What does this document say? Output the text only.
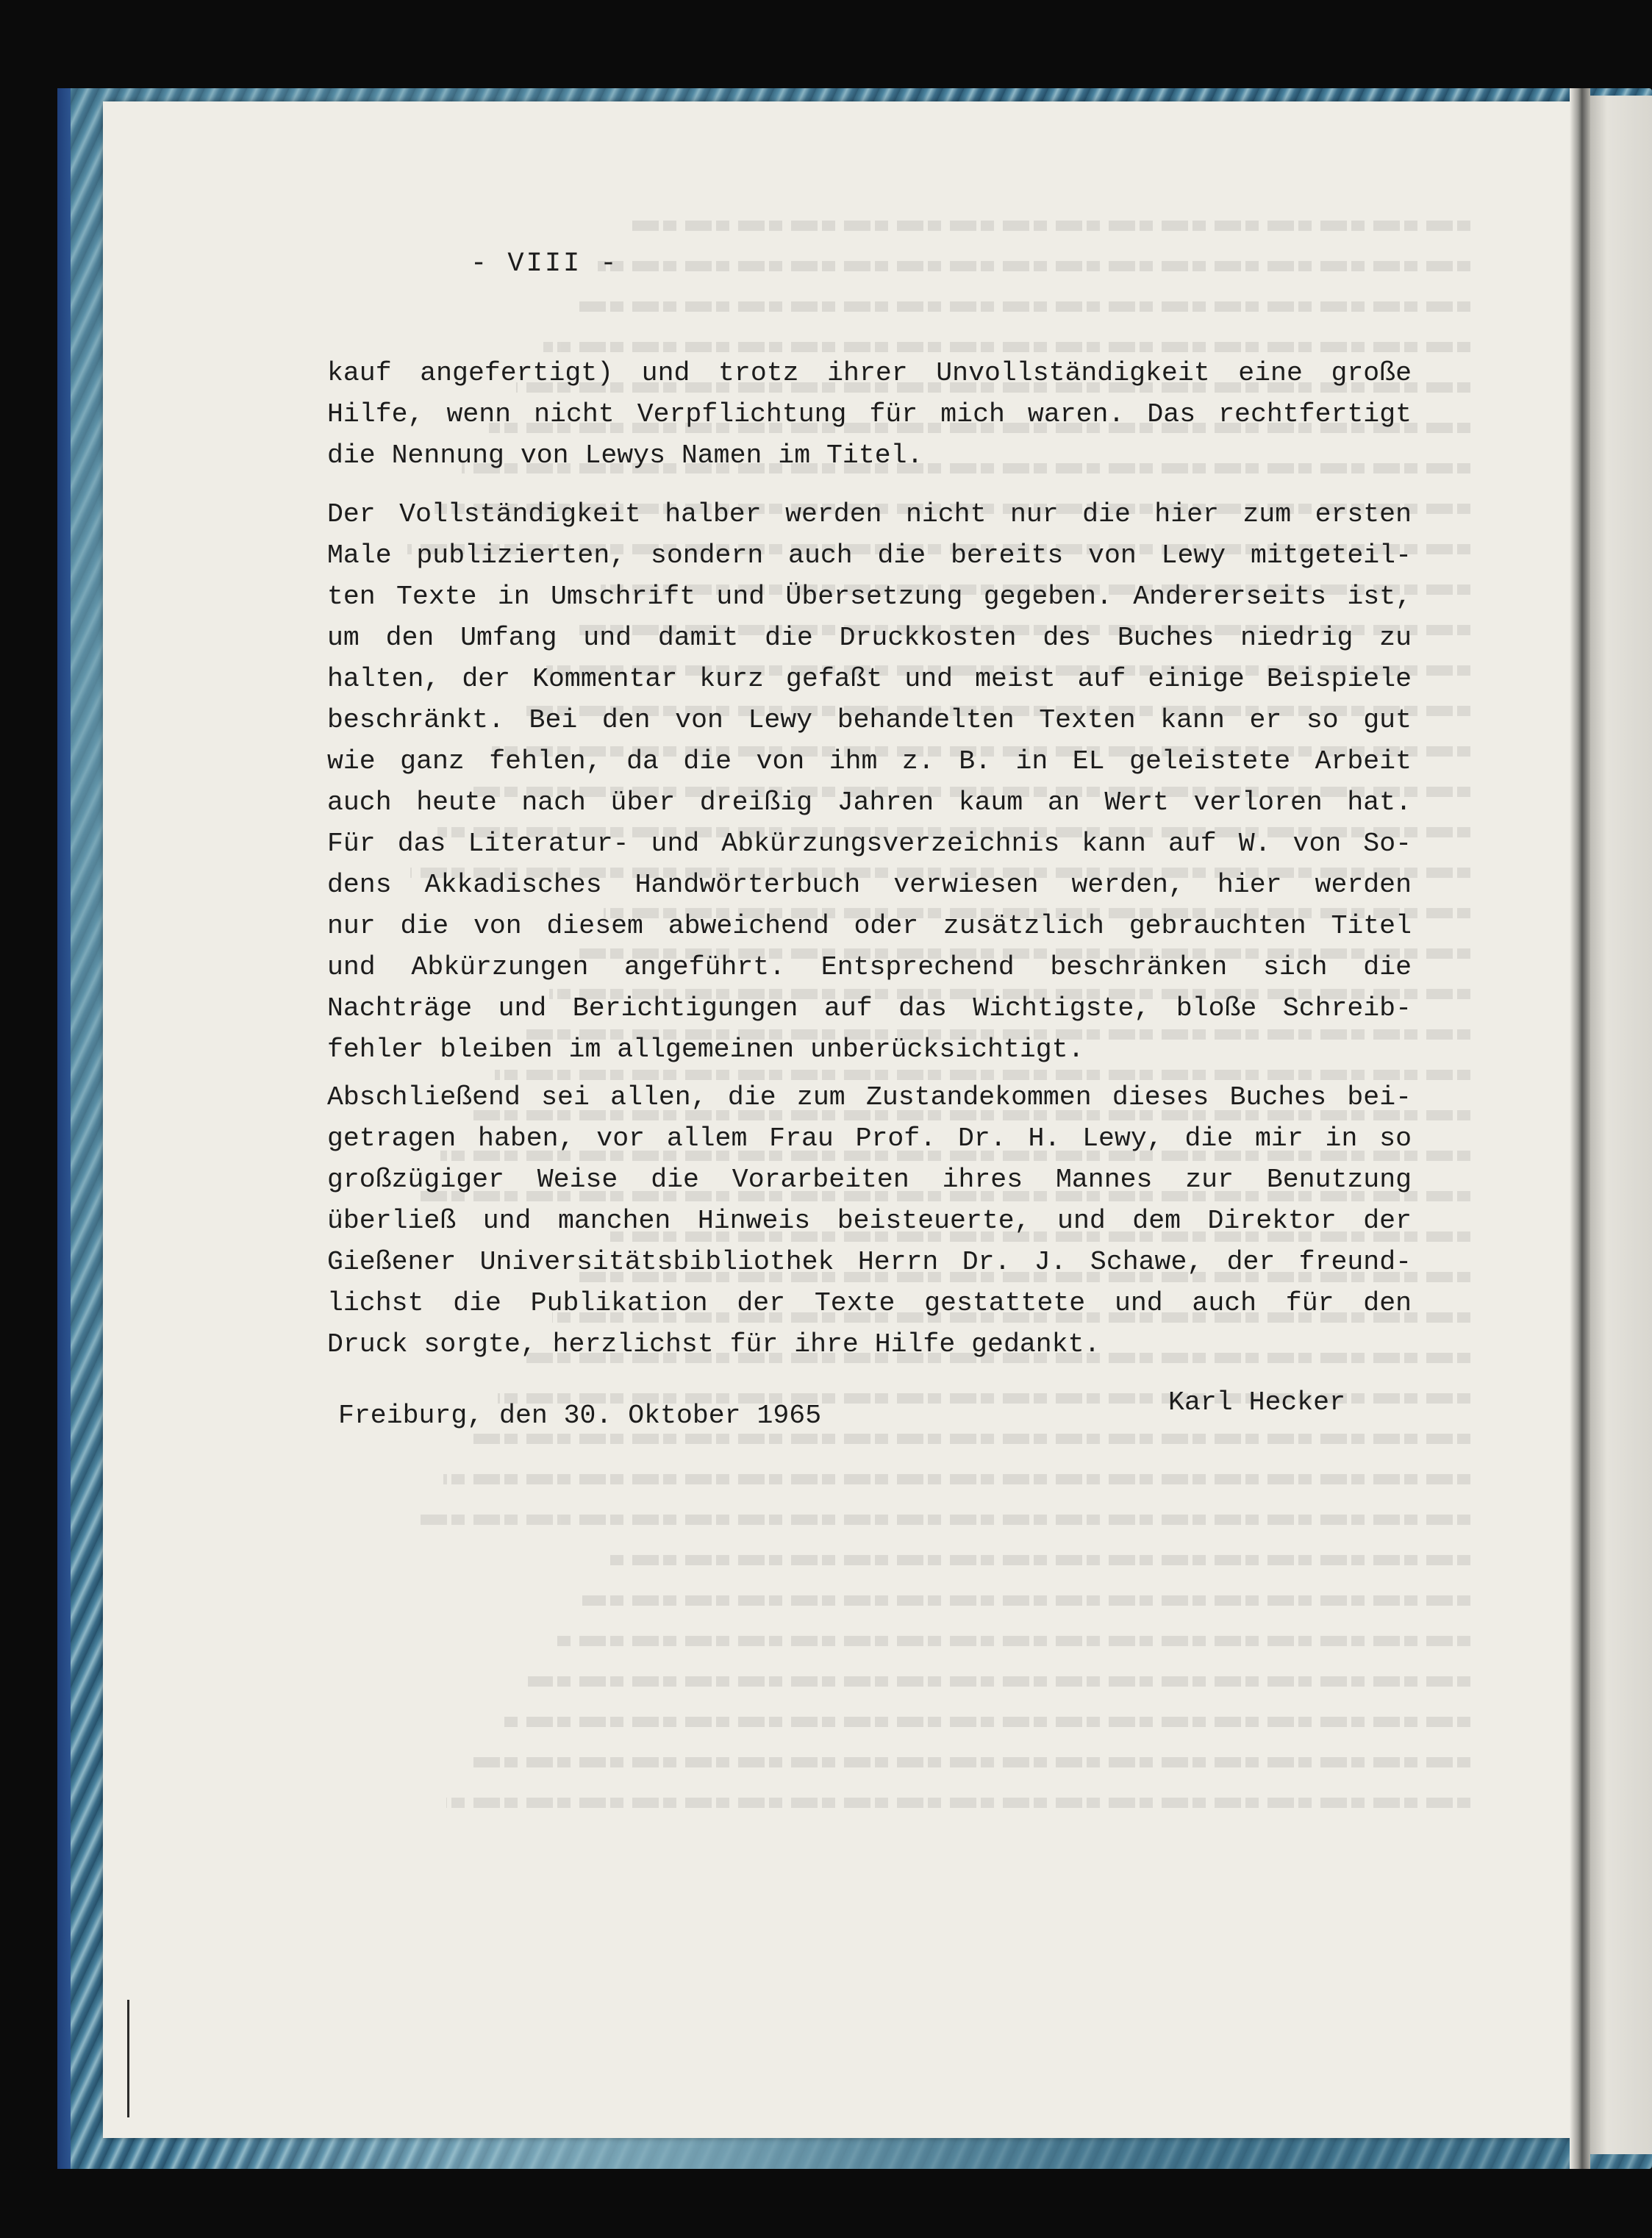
- VIII -
kauf angefertigt) und trotz ihrer Unvollständigkeit eine große
Hilfe, wenn nicht Verpflichtung für mich waren. Das rechtfertigt
die Nennung von Lewys Namen im Titel.
Der Vollständigkeit halber werden nicht nur die hier zum ersten
Male publizierten, sondern auch die bereits von Lewy mitgeteil-
ten Texte in Umschrift und Übersetzung gegeben. Andererseits ist,
um den Umfang und damit die Druckkosten des Buches niedrig zu
halten, der Kommentar kurz gefaßt und meist auf einige Beispiele
beschränkt. Bei den von Lewy behandelten Texten kann er so gut
wie ganz fehlen, da die von ihm z. B. in EL geleistete Arbeit
auch heute nach über dreißig Jahren kaum an Wert verloren hat.
Für das Literatur- und Abkürzungsverzeichnis kann auf W. von So-
dens Akkadisches Handwörterbuch verwiesen werden, hier werden
nur die von diesem abweichend oder zusätzlich gebrauchten Titel
und Abkürzungen angeführt. Entsprechend beschränken sich die
Nachträge und Berichtigungen auf das Wichtigste, bloße Schreib-
fehler bleiben im allgemeinen unberücksichtigt.
Abschließend sei allen, die zum Zustandekommen dieses Buches bei-
getragen haben, vor allem Frau Prof. Dr. H. Lewy, die mir in so
großzügiger Weise die Vorarbeiten ihres Mannes zur Benutzung
überließ und manchen Hinweis beisteuerte, und dem Direktor der
Gießener Universitätsbibliothek Herrn Dr. J. Schawe, der freund-
lichst die Publikation der Texte gestattete und auch für den
Druck sorgte, herzlichst für ihre Hilfe gedankt.
Freiburg, den 30. Oktober 1965	Karl Hecker
